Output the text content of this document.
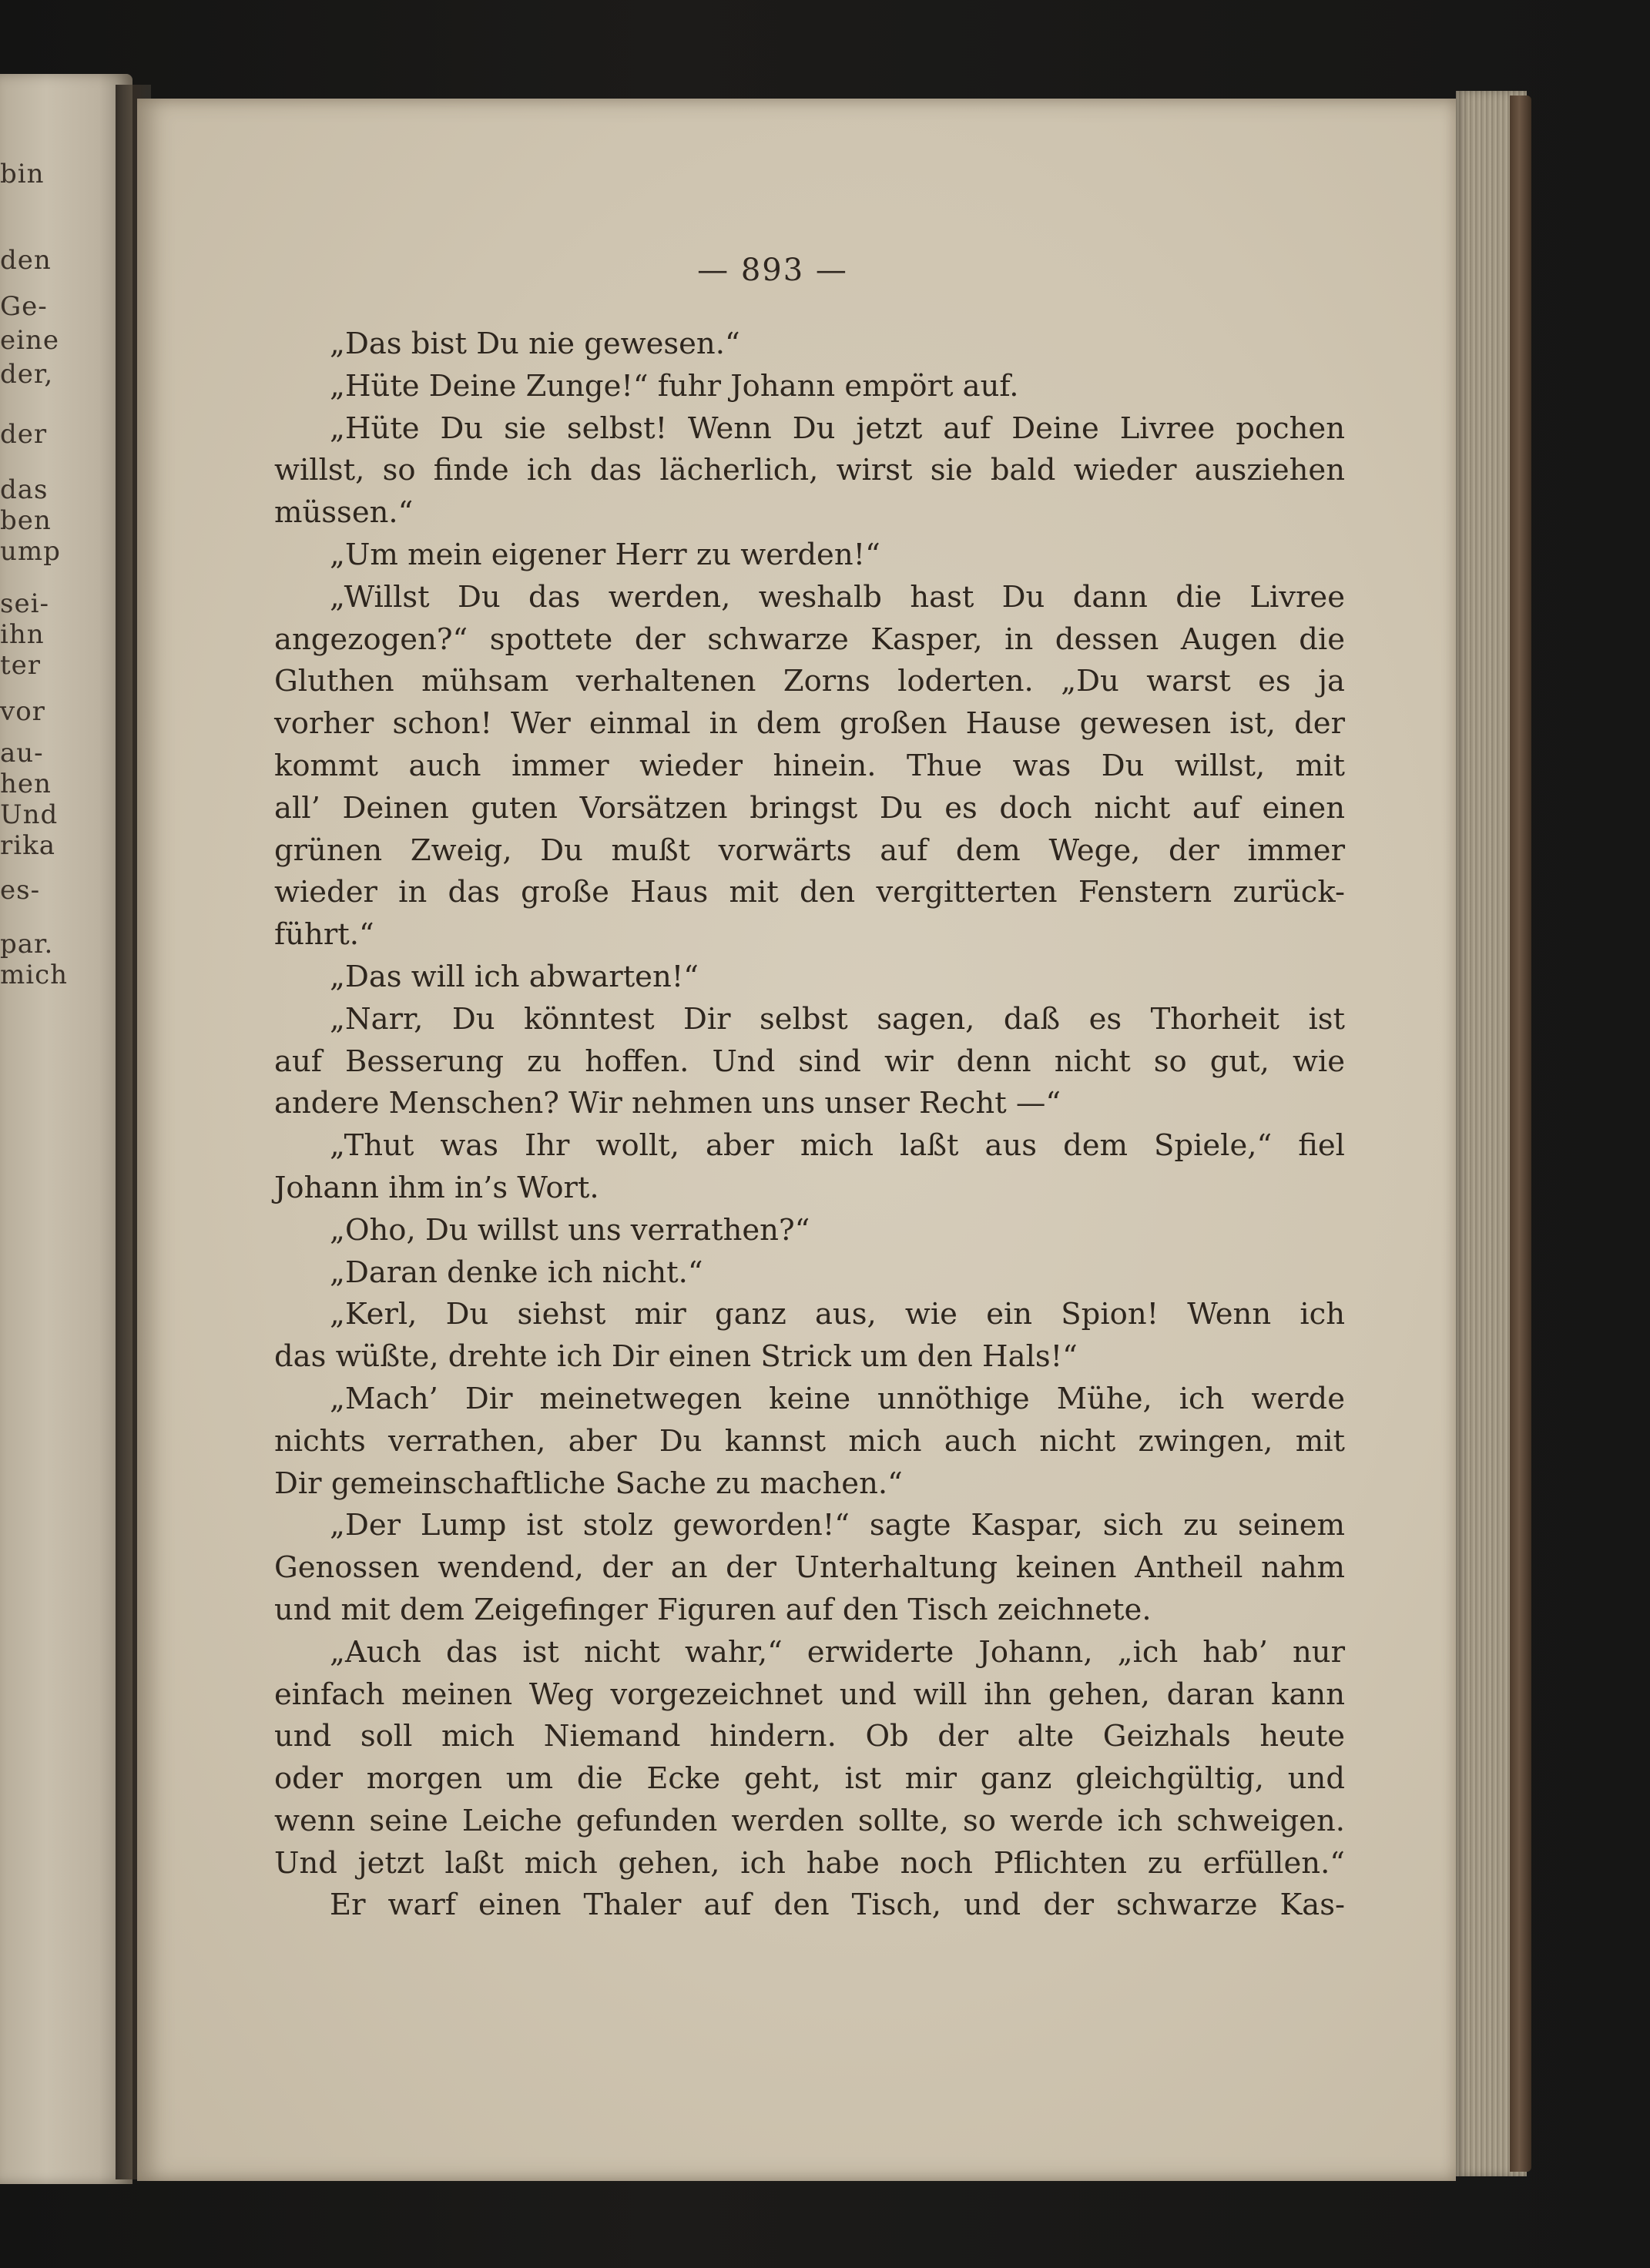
bin
den
Ge-
eine
der,
der
das
ben
ump
sei-
ihn
ter
vor
au-
hen
Und
rika
es-
par.
mich
— 893 —
„Das bist Du nie gewesen.“
„Hüte Deine Zunge!“ fuhr Johann empört auf.
„Hüte Du sie selbst! Wenn Du jetzt auf Deine Livree pochen
willst, so finde ich das lächerlich, wirst sie bald wieder ausziehen
müssen.“
„Um mein eigener Herr zu werden!“
„Willst Du das werden, weshalb hast Du dann die Livree
angezogen?“ spottete der schwarze Kasper, in dessen Augen die
Gluthen mühsam verhaltenen Zorns loderten. „Du warst es ja
vorher schon! Wer einmal in dem großen Hause gewesen ist, der
kommt auch immer wieder hinein. Thue was Du willst, mit
all’ Deinen guten Vorsätzen bringst Du es doch nicht auf einen
grünen Zweig, Du mußt vorwärts auf dem Wege, der immer
wieder in das große Haus mit den vergitterten Fenstern zurück-
führt.“
„Das will ich abwarten!“
„Narr, Du könntest Dir selbst sagen, daß es Thorheit ist
auf Besserung zu hoffen. Und sind wir denn nicht so gut, wie
andere Menschen? Wir nehmen uns unser Recht —“
„Thut was Ihr wollt, aber mich laßt aus dem Spiele,“ fiel
Johann ihm in’s Wort.
„Oho, Du willst uns verrathen?“
„Daran denke ich nicht.“
„Kerl, Du siehst mir ganz aus, wie ein Spion! Wenn ich
das wüßte, drehte ich Dir einen Strick um den Hals!“
„Mach’ Dir meinetwegen keine unnöthige Mühe, ich werde
nichts verrathen, aber Du kannst mich auch nicht zwingen, mit
Dir gemeinschaftliche Sache zu machen.“
„Der Lump ist stolz geworden!“ sagte Kaspar, sich zu seinem
Genossen wendend, der an der Unterhaltung keinen Antheil nahm
und mit dem Zeigefinger Figuren auf den Tisch zeichnete.
„Auch das ist nicht wahr,“ erwiderte Johann, „ich hab’ nur
einfach meinen Weg vorgezeichnet und will ihn gehen, daran kann
und soll mich Niemand hindern. Ob der alte Geizhals heute
oder morgen um die Ecke geht, ist mir ganz gleichgültig, und
wenn seine Leiche gefunden werden sollte, so werde ich schweigen.
Und jetzt laßt mich gehen, ich habe noch Pflichten zu erfüllen.“
Er warf einen Thaler auf den Tisch, und der schwarze Kas-
